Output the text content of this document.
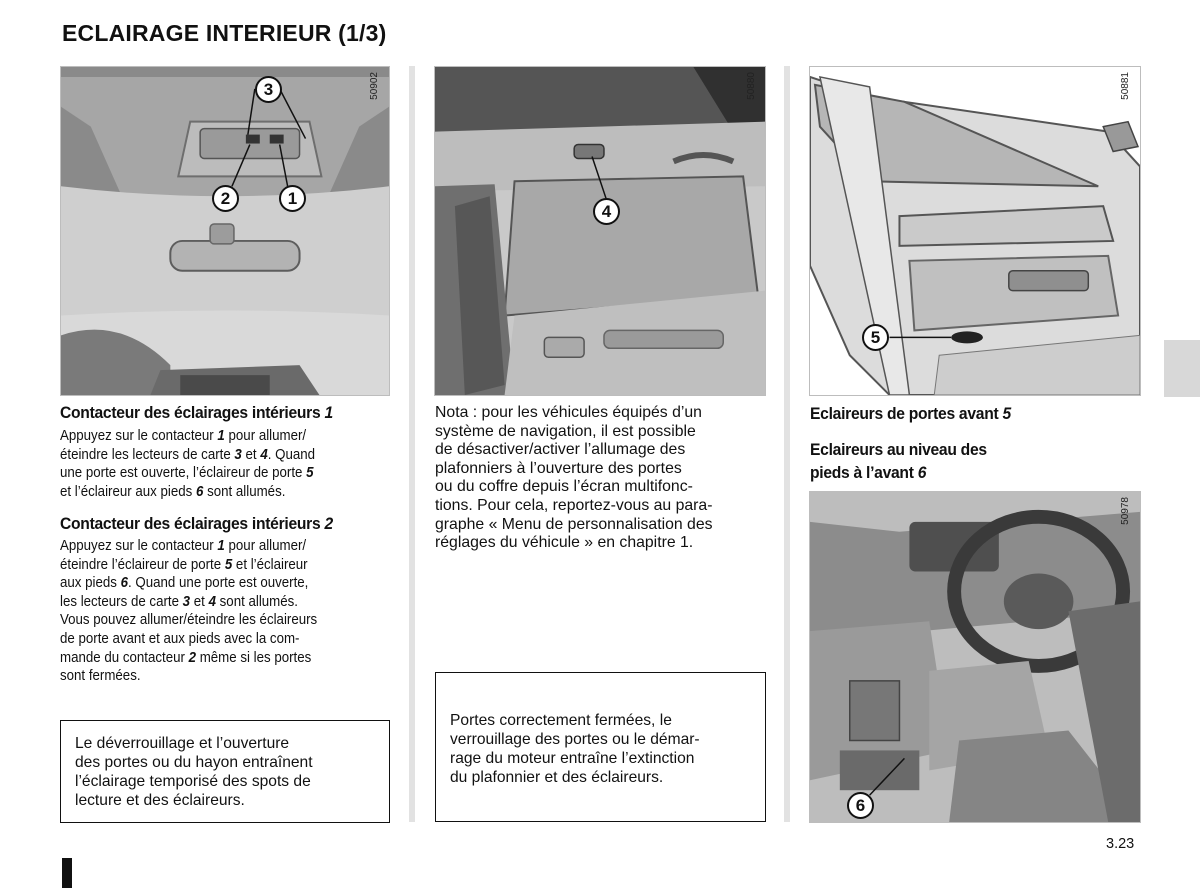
ECLAIRAGE INTERIEUR (1/3)
50902
3
2	1
50880
4
50881
5
50978
6
Contacteur des éclairages intérieurs 1
Appuyez sur le contacteur 1 pour allumer/
éteindre les lecteurs de carte 3 et 4. Quand
une porte est ouverte, l’éclaireur de porte 5
et l’éclaireur aux pieds 6 sont allumés.
Contacteur des éclairages intérieurs 2
Appuyez sur le contacteur 1 pour allumer/
éteindre l’éclaireur de porte 5 et l’éclaireur
aux pieds 6. Quand une porte est ouverte,
les lecteurs de carte 3 et 4 sont allumés.
Vous pouvez allumer/éteindre les éclaireurs
de porte avant et aux pieds avec la com-
mande du contacteur 2 même si les portes
sont fermées.

Le déverrouillage et l’ouverture
des portes ou du hayon entraînent
l’éclairage temporisé des spots de
lecture et des éclaireurs.

Nota : pour les véhicules équipés d’un
système de navigation, il est possible
de désactiver/activer l’allumage des
plafonniers à l’ouverture des portes
ou du coffre depuis l’écran multifonc-
tions. Pour cela, reportez-vous au para-
graphe « Menu de personnalisation des
réglages du véhicule » en chapitre 1.

Portes correctement fermées, le
verrouillage des portes ou le démar-
rage du moteur entraîne l’extinction
du plafonnier et des éclaireurs.

Eclaireurs de portes avant 5
Eclaireurs au niveau des
pieds à l’avant 6
3.23
